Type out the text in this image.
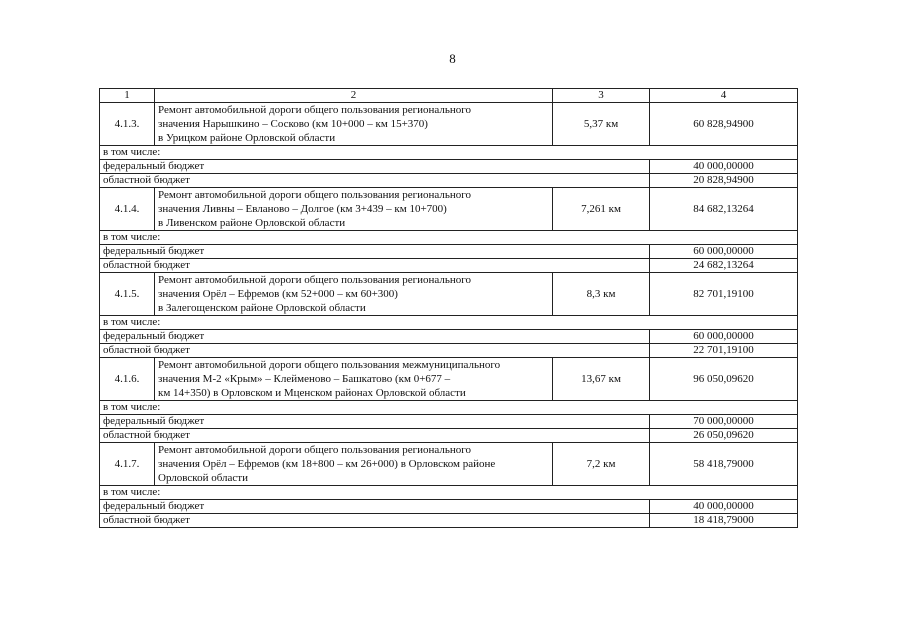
8
1	2	3	4
4.1.3.	Ремонт автомобильной дороги общего пользования регионального
значения Нарышкино – Сосково (км 10+000 – км 15+370)
в Урицком районе Орловской области	5,37 км	60 828,94900
в том числе:			
федеральный бюджет			40 000,00000
областной бюджет			20 828,94900
4.1.4.	Ремонт автомобильной дороги общего пользования регионального
значения Ливны – Евланово – Долгое (км 3+439 – км 10+700)
в Ливенском районе Орловской области	7,261 км	84 682,13264
в том числе:			
федеральный бюджет			60 000,00000
областной бюджет			24 682,13264
4.1.5.	Ремонт автомобильной дороги общего пользования регионального
значения Орёл – Ефремов (км 52+000 – км 60+300)
в Залегощенском районе Орловской области	8,3 км	82 701,19100
в том числе:			
федеральный бюджет			60 000,00000
областной бюджет			22 701,19100
4.1.6.	Ремонт автомобильной дороги общего пользования межмуниципального
значения М-2 «Крым» – Клейменово – Башкатово (км 0+677 –
км 14+350) в Орловском и Мценском районах Орловской области	13,67 км	96 050,09620
в том числе:			
федеральный бюджет			70 000,00000
областной бюджет			26 050,09620
4.1.7.	Ремонт автомобильной дороги общего пользования регионального
значения Орёл – Ефремов (км 18+800 – км 26+000) в Орловском районе
Орловской области	7,2 км	58 418,79000
в том числе:			
федеральный бюджет			40 000,00000
областной бюджет			18 418,79000
